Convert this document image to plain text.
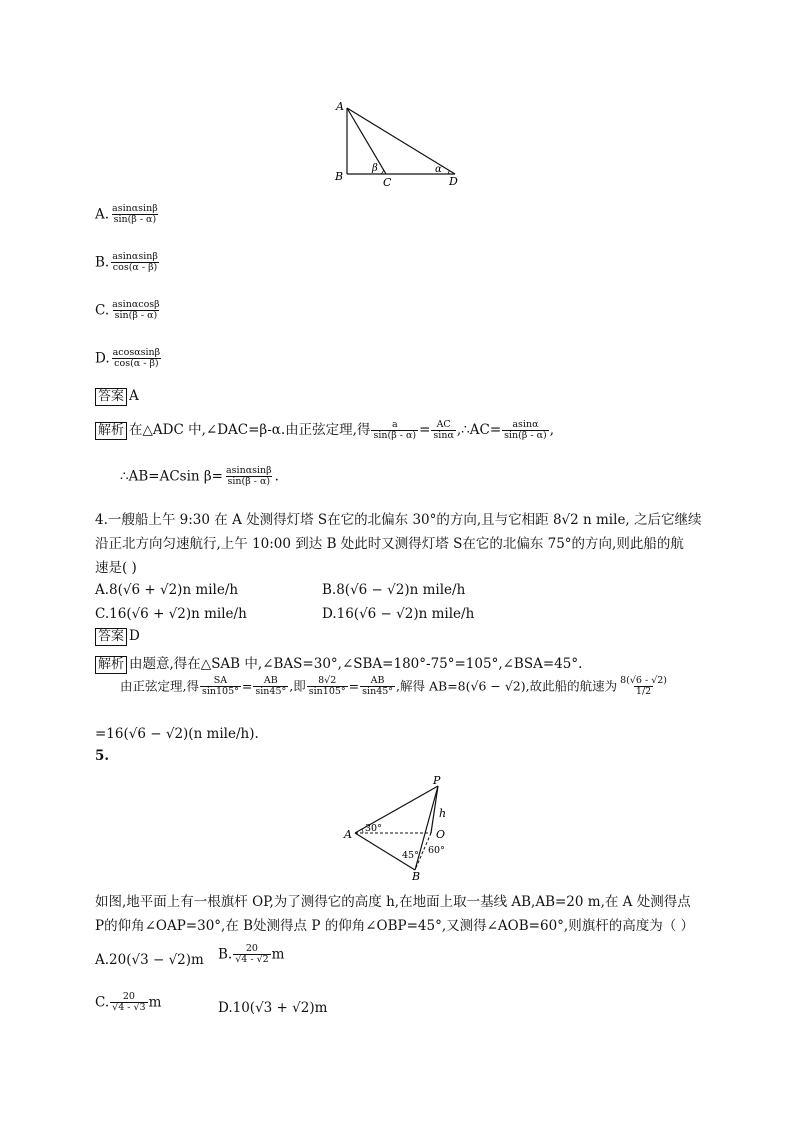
A
B	C	D
β	α
A. $\frac{asin\alpha\sin\beta}{\sin(\beta - \alpha)}$
B. $\frac{asin\alpha\sin\beta}{\cos(\alpha - \beta)}$
C. $\frac{asin\alpha\cos\beta}{\sin(\beta - \alpha)}$
D. $\frac{acos\alpha\sin\beta}{\cos(\alpha - \beta)}$
答案 A
解析 在△ADC 中,∠DAC=β-α.由正弦定理,得 $\frac{a}{\sin(\beta - \alpha)} = \frac{AC}{\sin\alpha}$ ,∴AC= $\frac{asin\alpha}{\sin(\beta - \alpha)}$ ,
∴AB=ACsin $\beta= \frac{asin\alpha\sin\beta}{\sin(\beta - \alpha)}$ .
4.一艘船上午 9:30 在 A 处测得灯塔 S在它的北偏东 30°的方向,且与它相距 8√2 n mile, 之后它继续
沿正北方向匀速航行,上午 10:00 到达 B 处此时又测得灯塔 S在它的北偏东 75°的方向,则此船的航
速是( )
A.8(√6 + √2)n mile/h	B.8(√6 − √2)n mile/h
C.16(√6 + √2)n mile/h	D.16(√6 − √2)n mile/h
答案 D
解析 由题意,得在△SAB 中,∠BAS=30°,∠SBA=180°-75°=105°,∠BSA=45°.
由正弦定理,得 $\frac{SA}{\sin 105^\circ} = \frac{AB}{\sin 45^\circ}$ ,即 $\frac{8√2}{\sin 105^\circ} = \frac{AB}{\sin 45^\circ}$ ,解得 AB=8(√6 − √2),故此船的航速为 $\frac{8(√6 - √2)}{1/2}$
=16(√6 − √2)(n mile/h).
5.
P
h
A	O
B
30°
45° 60°
如图,地平面上有一根旗杆 OP,为了测得它的高度 h,在地面上取一基线 AB,AB=20 m,在 A 处测得点
P的仰角∠OAP=30°,在 B处测得点 P 的仰角∠OBP=45°,又测得∠AOB=60°,则旗杆的高度为（ ）
A.20(√3 − √2)m B. $\frac{20}{√4 - √2}$ m
C. $\frac{20}{√4 - √3}$ m	D.10(√3 + √2)m
